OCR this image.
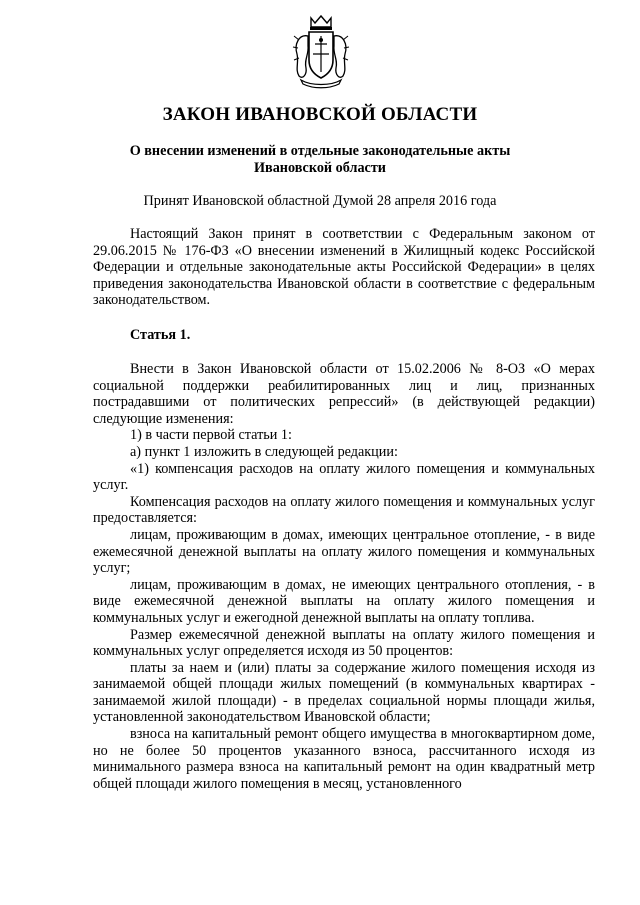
ЗАКОН ИВАНОВСКОЙ ОБЛАСТИ
О внесении изменений в отдельные законодательные акты
Ивановской области
Принят Ивановской областной Думой 28 апреля 2016 года

Настоящий Закон принят в соответствии с Федеральным законом от 29.06.2015 № 176-ФЗ «О внесении изменений в Жилищный кодекс Российской Федерации и отдельные законодательные акты Российской Федерации» в целях приведения законодательства Ивановской области в соответствие с федеральным законодательством.

Статья 1.

Внести в Закон Ивановской области от 15.02.2006 № 8-ОЗ «О мерах социальной поддержки реабилитированных лиц и лиц, признанных пострадавшими от политических репрессий» (в действующей редакции) следующие изменения:

1) в части первой статьи 1:

а) пункт 1 изложить в следующей редакции:

«1) компенсация расходов на оплату жилого помещения и коммунальных услуг.

Компенсация расходов на оплату жилого помещения и коммунальных услуг предоставляется:

лицам, проживающим в домах, имеющих центральное отопление, - в виде ежемесячной денежной выплаты на оплату жилого помещения и коммунальных услуг;

лицам, проживающим в домах, не имеющих центрального отопления, - в виде ежемесячной денежной выплаты на оплату жилого помещения и коммунальных услуг и ежегодной денежной выплаты на оплату топлива.

Размер ежемесячной денежной выплаты на оплату жилого помещения и коммунальных услуг определяется исходя из 50 процентов:

платы за наем и (или) платы за содержание жилого помещения исходя из занимаемой общей площади жилых помещений (в коммунальных квартирах - занимаемой жилой площади) - в пределах социальной нормы площади жилья, установленной законодательством Ивановской области;

взноса на капитальный ремонт общего имущества в многоквартирном доме, но не более 50 процентов указанного взноса, рассчитанного исходя из минимального размера взноса на капитальный ремонт на один квадратный метр общей площади жилого помещения в месяц, установленного
